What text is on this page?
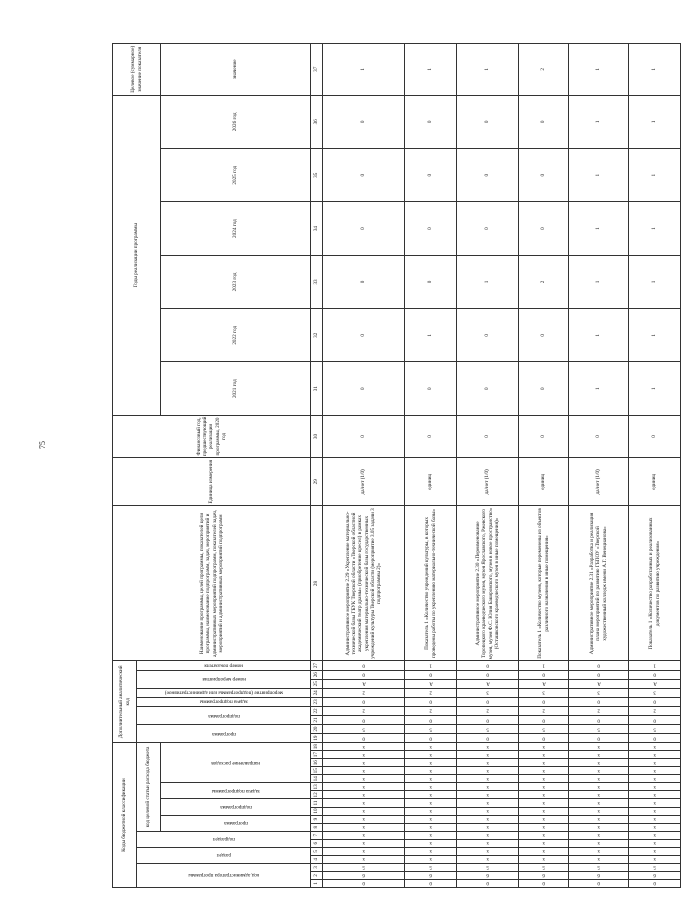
75
Коды бюджетной классификации																		Дополнительный аналитический код									Наименование программы, целей программы, показателей цели программы, наименование подпрограмм, задач, мероприятий и административных мероприятий подпрограмм, показателей задач, мероприятий и административных мероприятий подпрограмм	Единица измерения	Финансовый год, предшествующий реализации программы, 2020 год	Годы реализации программы						Целевое (суммарное) значение показателя
код администратора программы			раздел		подраздел		код целевой статьи расхода бюджета											программа		подпрограмма		задача подпрограммы	мероприятие (подпрограммы или административное)	номер мероприятия		номер показателя										
							программа		подпрограмма		задача подпрограммы		направление расходов																	2021 год	2022 год	2023 год	2024 год	2025 год	2026 год	значение

1	2	3	4	5	6	7	8	9	10	11	12	13	14	15	16	17	18	19	20	21	22	23	24	25	26	27	28	29	30	31	32	33	34	35	36	37
0	6	5	х	х	х	х	х	х	х	х	х	х	х	х	х	х	х	0	5	0	2	0	2	А	0	0	Административное мероприятие 2.29 «Укрепление материально-технической базы ГБУК Тверской области «Тверской областной академический театр драмы» (приобретение кресел) в рамках укрепления материально-технической базы государственных учреждений культуры Тверской области (мероприятие 3.05 задачи 3 подпрограммы 2)»	да/нет (1/0)	0	0	0	0	0	0	0	1
0	6	5	х	х	х	х	х	х	х	х	х	х	х	х	х	х	х	0	5	0	2	0	2	А	0	1	Показатель 1 «Количество учреждений культуры, в которых проведены работы по укреплению материально-технической базы»	единиц	0	0	1	0	0	0	0	1
0	6	5	х	х	х	х	х	х	х	х	х	х	х	х	х	х	х	0	5	0	2	0	3	А	0	0	Административное мероприятие 2.30 «Переименование Торопецкого краеведческого музея, музея Ярославского, Ржевского музея, музея Ф.С. Юлия Бакировского, музея в новое пространство» (Осташковского краеведческого музея в иные помещения)»	да/нет (1/0)	0	0	0	1	0	0	0	1
0	6	5	х	х	х	х	х	х	х	х	х	х	х	х	х	х	х	0	5	0	2	0	3	А	0	1	Показатель 1 «Количество музеев, которые переменены из объектов различного назначения в иные помещения»	единиц	0	0	0	2	0	0	0	2
0	6	5	х	х	х	х	х	х	х	х	х	х	х	х	х	х	х	0	5	0	2	0	3	А	0	0	Административное мероприятие 2.31 «Разработка и реализация плана мероприятий по развитию ГБПОУ «Тверской художественный колледж имени А.Г. Венецианова»	да/нет (1/0)	0	1	1	1	1	1	1	1
0	6	5	х	х	х	х	х	х	х	х	х	х	х	х	х	х	х	0	5	0	2	0	3	А	0	1	Показатель 1 «Количество разработанных и реализованных документов по развитию учреждения»	единиц	0	1	1	1	1	1	1	1
